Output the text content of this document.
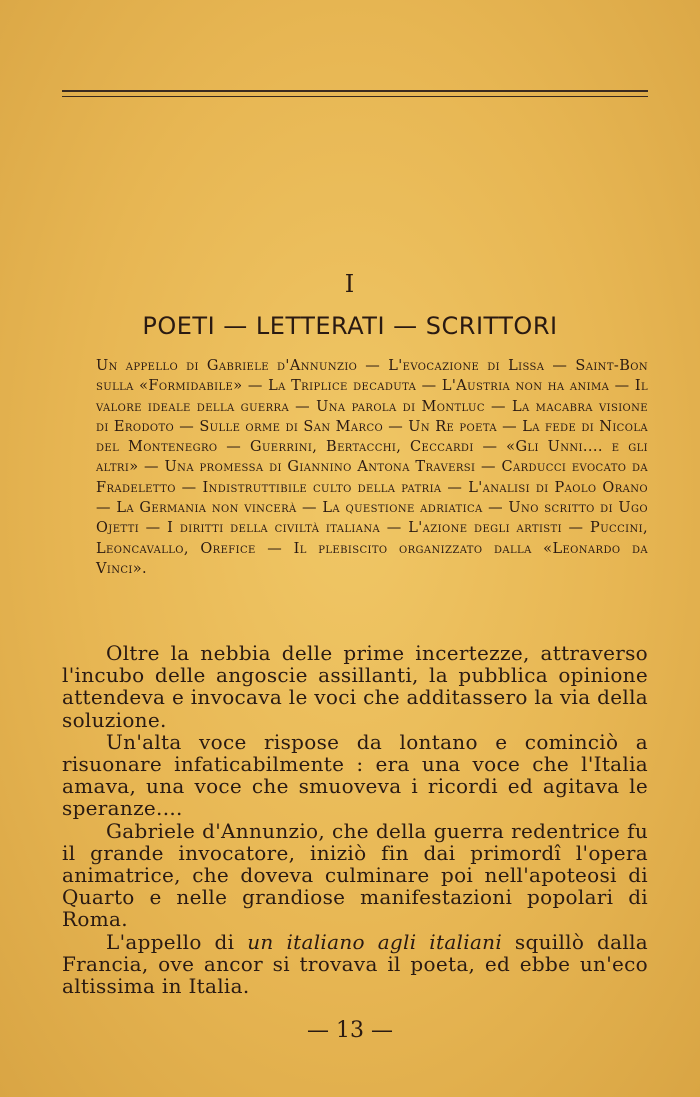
I
POETI — LETTERATI — SCRITTORI
Un appello di Gabriele d'Annunzio — L'evocazione di Lissa — Saint-Bon sulla «Formidabile» — La Triplice decaduta — L'Austria non ha anima — Il valore ideale della guerra — Una parola di Montluc — La macabra visione di Erodoto — Sulle orme di San Marco — Un Re poeta — La fede di Nicola del Montenegro — Guerrini, Bertacchi, Ceccardi — «Gli Unni.... e gli altri» — Una promessa di Giannino Antona Traversi — Carducci evocato da Fradeletto — Indistruttibile culto della patria — L'analisi di Paolo Orano — La Germania non vincerà — La questione adriatica — Uno scritto di Ugo Ojetti — I diritti della civiltà italiana — L'azione degli artisti — Puccini, Leoncavallo, Orefice — Il plebiscito organizzato dalla «Leonardo da Vinci».

Oltre la nebbia delle prime incertezze, attraverso l'incubo delle angoscie assillanti, la pubblica opinione attendeva e invocava le voci che additassero la via della soluzione.

Un'alta voce rispose da lontano e cominciò a risuonare infaticabilmente : era una voce che l'Italia amava, una voce che smuoveva i ricordi ed agitava le speranze....

Gabriele d'Annunzio, che della guerra redentrice fu il grande invocatore, iniziò fin dai primordî l'opera animatrice, che doveva culminare poi nell'apoteosi di Quarto e nelle grandiose manifestazioni popolari di Roma.

L'appello di un italiano agli italiani squillò dalla Francia, ove ancor si trovava il poeta, ed ebbe un'eco altissima in Italia.

— 13 —
